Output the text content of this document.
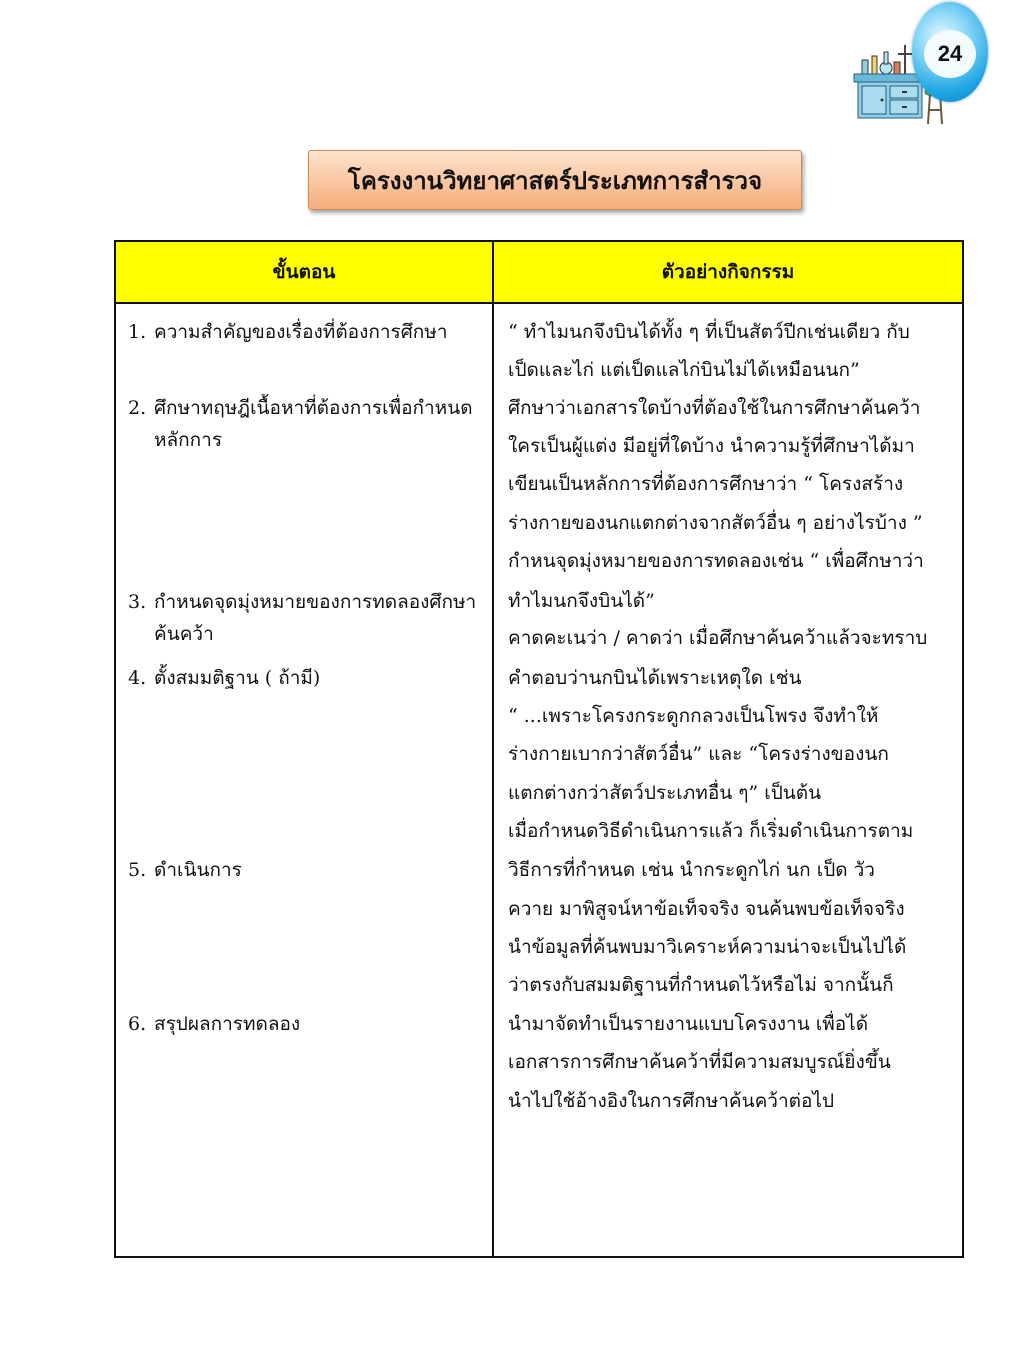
24
โครงงานวิทยาศาสตร์ประเภทการสำรวจ
ขั้นตอน	ตัวอย่างกิจกรรม
1. ความสำคัญของเรื่องที่ต้องการศึกษา
2. ศึกษาทฤษฎีเนื้อหาที่ต้องการเพื่อกำหนดหลักการ
3. กำหนดจุดมุ่งหมายของการทดลองศึกษา ค้นคว้า
4. ตั้งสมมติฐาน ( ถ้ามี)
5. ดำเนินการ
6. สรุปผลการทดลอง
“ ทำไมนกจึงบินได้ทั้ง ๆ ที่เป็นสัตว์ปีกเช่นเดียว กับ
เป็ดและไก่ แต่เป็ดแลไก่บินไม่ได้เหมือนนก”
ศึกษาว่าเอกสารใดบ้างที่ต้องใช้ในการศึกษาค้นคว้า
ใครเป็นผู้แต่ง มีอยู่ที่ใดบ้าง นำความรู้ที่ศึกษาได้มา
เขียนเป็นหลักการที่ต้องการศึกษาว่า “ โครงสร้าง
ร่างกายของนกแตกต่างจากสัตว์อื่น ๆ อย่างไรบ้าง ”
กำหนจุดมุ่งหมายของการทดลองเช่น “ เพื่อศึกษาว่า
ทำไมนกจึงบินได้”
คาดคะเนว่า / คาดว่า เมื่อศึกษาค้นคว้าแล้วจะทราบ
คำตอบว่านกบินได้เพราะเหตุใด เช่น
“ ...เพราะโครงกระดูกกลวงเป็นโพรง จึงทำให้
ร่างกายเบากว่าสัตว์อื่น” และ “โครงร่างของนก
แตกต่างกว่าสัตว์ประเภทอื่น ๆ” เป็นต้น
เมื่อกำหนดวิธีดำเนินการแล้ว ก็เริ่มดำเนินการตาม
วิธีการที่กำหนด เช่น นำกระดูกไก่ นก เป็ด วัว
ควาย มาพิสูจน์หาข้อเท็จจริง จนค้นพบข้อเท็จจริง
นำข้อมูลที่ค้นพบมาวิเคราะห์ความน่าจะเป็นไปได้
ว่าตรงกับสมมติฐานที่กำหนดไว้หรือไม่ จากนั้นก็
นำมาจัดทำเป็นรายงานแบบโครงงาน เพื่อได้
เอกสารการศึกษาค้นคว้าที่มีความสมบูรณ์ยิ่งขึ้น
นำไปใช้อ้างอิงในการศึกษาค้นคว้าต่อไป
